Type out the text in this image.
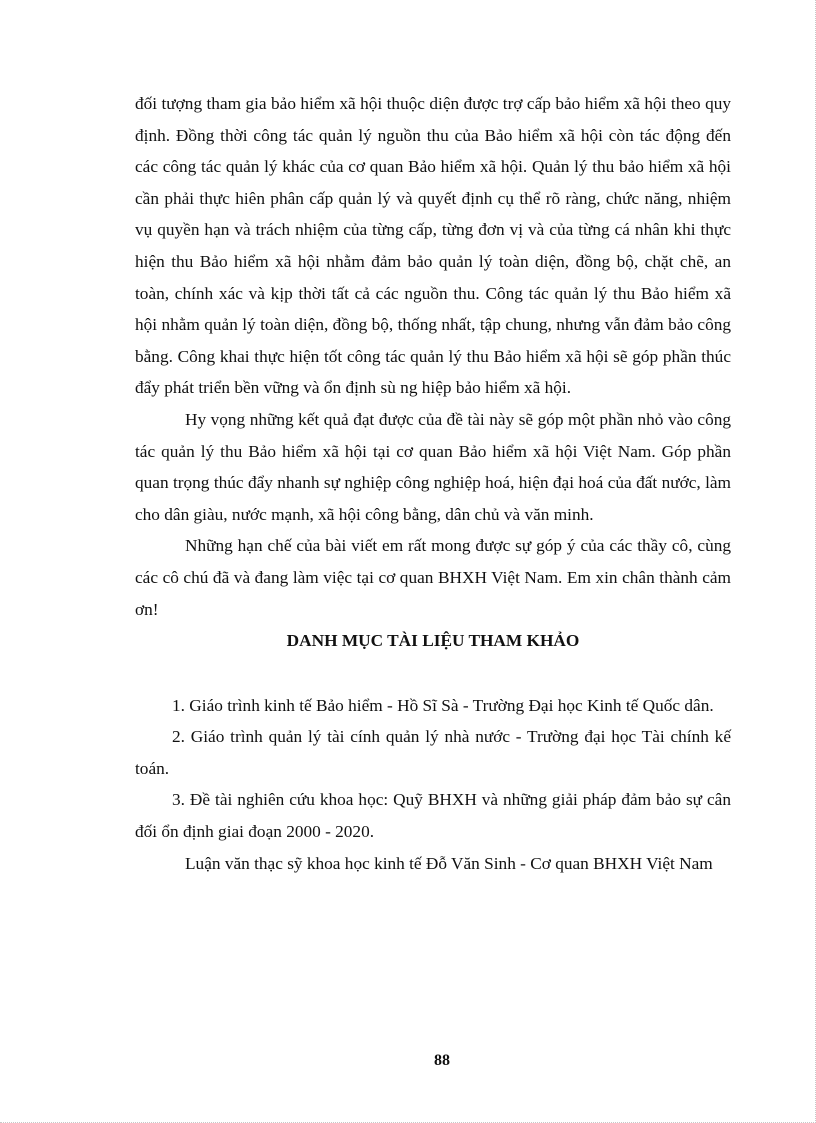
đối tượng tham gia bảo hiểm xã hội thuộc diện được trợ cấp bảo hiểm xã hội theo quy định. Đồng thời công tác quản lý nguồn thu của Bảo hiểm xã hội còn tác động đến các công tác quản lý khác của cơ quan Bảo hiểm xã hội. Quản lý thu bảo hiểm xã hội cần phải thực hiên phân cấp quản lý và quyết định cụ thể rõ ràng, chức năng, nhiệm vụ quyền hạn và trách nhiệm của từng cấp, từng đơn vị và của từng cá nhân khi thực hiện thu Bảo hiểm xã hội nhằm đảm bảo quản lý toàn diện, đồng bộ, chặt chẽ, an toàn, chính xác và kịp thời tất cả các nguồn thu. Công tác quản lý thu Bảo hiểm xã hội nhằm quản lý toàn diện, đồng bộ, thống nhất, tập chung, nhưng vẫn đảm bảo công bằng. Công khai thực hiện tốt công tác quản lý thu Bảo hiểm xã hội sẽ góp phần thúc đẩy phát triển bền vững và ổn định sù ng hiệp bảo hiểm xã hội.

Hy vọng những kết quả đạt được của đề tài này sẽ góp một phần nhỏ vào công tác quản lý thu Bảo hiểm xã hội tại cơ quan Bảo hiểm xã hội Việt Nam. Góp phần quan trọng thúc đẩy nhanh sự nghiệp công nghiệp hoá, hiện đại hoá của đất nước, làm cho dân giàu, nước mạnh, xã hội công bằng, dân chủ và văn minh.

Những hạn chế của bài viết em rất mong được sự góp ý của các thầy cô, cùng các cô chú đã và đang làm việc tại cơ quan BHXH Việt Nam. Em xin chân thành cảm ơn!

DANH MỤC TÀI LIỆU THAM KHẢO

1. Giáo trình kinh tế Bảo hiểm - Hồ Sĩ Sà - Trường Đại học Kinh tế Quốc dân.

2. Giáo trình quản lý tài cính quản lý nhà nước - Trường đại học Tài chính kế toán.

3. Đề tài nghiên cứu khoa học: Quỹ BHXH và những giải pháp đảm bảo sự cân đối ổn định giai đoạn 2000 - 2020.

Luận văn thạc sỹ khoa học kinh tế Đỗ Văn Sinh - Cơ quan BHXH Việt Nam

88
